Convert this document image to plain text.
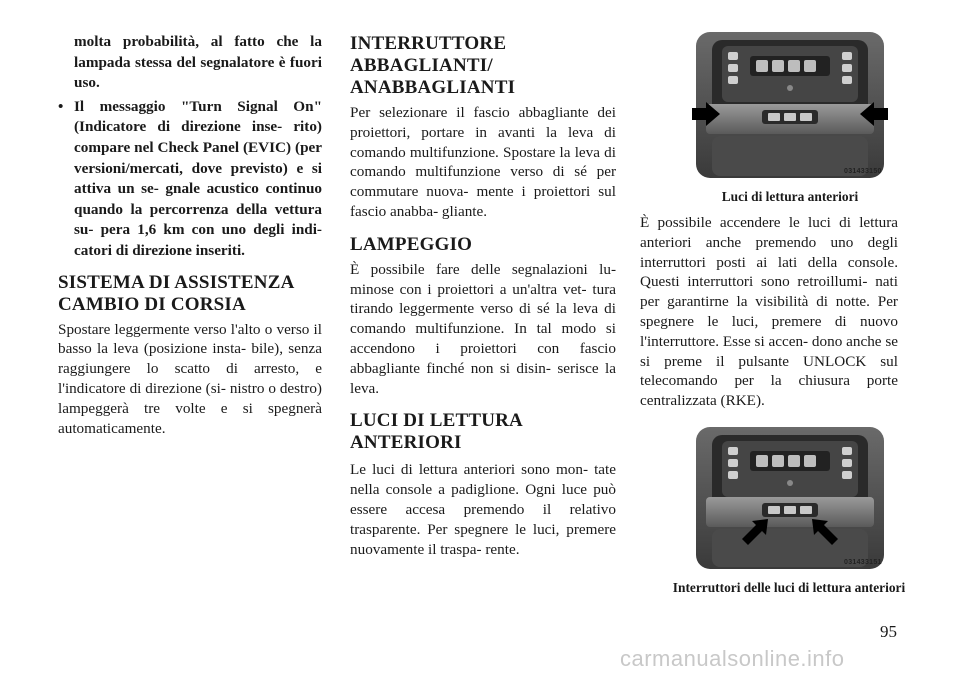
molta probabilità, al fatto che la lampada stessa del segnalatore è fuori uso.

• Il messaggio "Turn Signal On" (Indicatore di direzione inse- rito) compare nel Check Panel (EVIC) (per versioni/mercati, dove previsto) e si attiva un se- gnale acustico continuo quando la percorrenza della vettura su- pera 1,6 km con uno degli indi- catori di direzione inseriti.
SISTEMA DI ASSISTENZA CAMBIO DI CORSIA

Spostare leggermente verso l'alto o verso il basso la leva (posizione insta- bile), senza raggiungere lo scatto di arresto, e l'indicatore di direzione (si- nistro o destro) lampeggerà tre volte e si spegnerà automaticamente.

INTERRUTTORE ABBAGLIANTI/ ANABBAGLIANTI

Per selezionare il fascio abbagliante dei proiettori, portare in avanti la leva di comando multifunzione. Spostare la leva di comando multifunzione verso di sé per commutare nuova- mente i proiettori sul fascio anabba- gliante.

LAMPEGGIO

È possibile fare delle segnalazioni lu- minose con i proiettori a un'altra vet- tura tirando leggermente verso di sé la leva di comando multifunzione. In tal modo si accendono i proiettori con fascio abbagliante finché non si disin- serisce la leva.

LUCI DI LETTURA ANTERIORI

Le luci di lettura anteriori sono mon- tate nella console a padiglione. Ogni luce può essere accesa premendo il relativo trasparente. Per spegnere le luci, premere nuovamente il traspa- rente.

031433150
Luci di lettura anteriori

È possibile accendere le luci di lettura anteriori anche premendo uno degli interruttori posti ai lati della console. Questi interruttori sono retroillumi- nati per garantirne la visibilità di notte. Per spegnere le luci, premere di nuovo l'interruttore. Esse si accen- dono anche se si preme il pulsante UNLOCK sul telecomando per la chiusura porte centralizzata (RKE).

031433151
Interruttori delle luci di lettura anteriori
95
carmanualsonline.info
